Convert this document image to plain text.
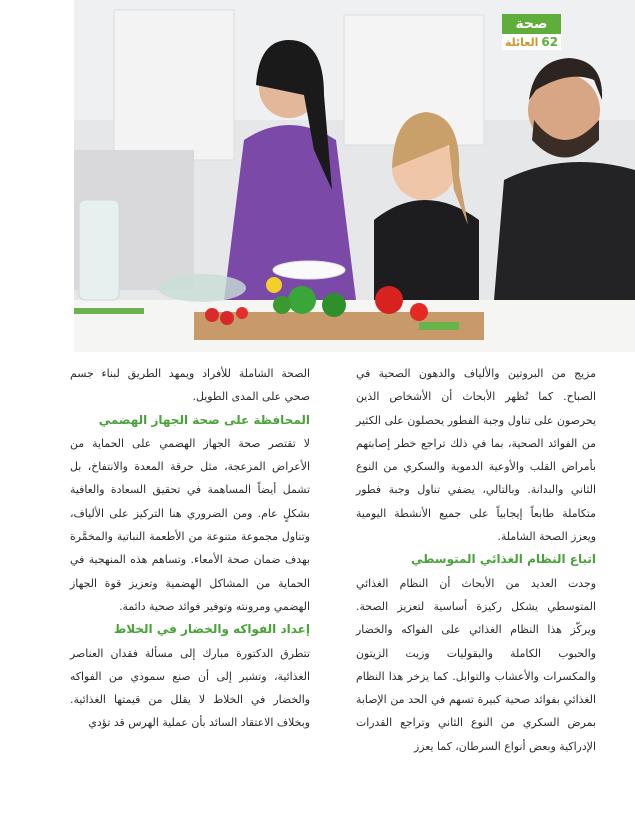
صحة
العائلة 62

مزيج من البروتين والألياف والدهون الصحية في الصباح. كما تُظهر الأبحاث أن الأشخاص الذين يحرصون على تناول وجبة الفطور يحصلون على الكثير من الفوائد الصحية، بما في ذلك تراجع خطر إصابتهم بأمراض القلب والأوعية الدموية والسكري من النوع الثاني والبدانة. وبالتالي، يضفي تناول وجبة فطور متكاملة طابعاً إيجابياً على جميع الأنشطة اليومية ويعزز الصحة الشاملة.

اتباع النظام الغذائي المتوسطي

وجدت العديد من الأبحاث أن النظام الغذائي المتوسطي يشكل ركيزة أساسية لتعزيز الصحة. ويركّز هذا النظام الغذائي على الفواكه والخضار والحبوب الكاملة والبقوليات وزيت الزيتون والمكسرات والأعشاب والتوابل. كما يزخر هذا النظام الغذائي بفوائد صحية كبيرة تسهم في الحد من الإصابة بمرض السكري من النوع الثاني وتراجع القدرات الإدراكية وبعض أنواع السرطان، كما يعزز

الصحة الشاملة للأفراد ويمهد الطريق لبناء جسم صحي على المدى الطويل.

المحافظة على صحة الجهاز الهضمي

لا تقتصر صحة الجهاز الهضمي على الحماية من الأعراض المزعجة، مثل حرقة المعدة والانتفاخ، بل تشمل أيضاً المساهمة في تحقيق السعادة والعافية بشكلٍ عام. ومن الضروري هنا التركيز على الألياف، وتناول مجموعة متنوعة من الأطعمة النباتية والمخمَّرة بهدف ضمان صحة الأمعاء. وتساهم هذه المنهجية في الحماية من المشاكل الهضمية وتعزيز قوة الجهاز الهضمي ومرونته وتوفير فوائد صحية دائمة.

إعداد الفواكه والخضار في الخلاط

تتطرق الدكتورة مبارك إلى مسألة فقدان العناصر الغذائية، وتشير إلى أن صنع سموذي من الفواكه والخضار في الخلاط لا يقلل من قيمتها الغذائية. وبخلاف الاعتقاد السائد بأن عملية الهرس قد تؤدي
